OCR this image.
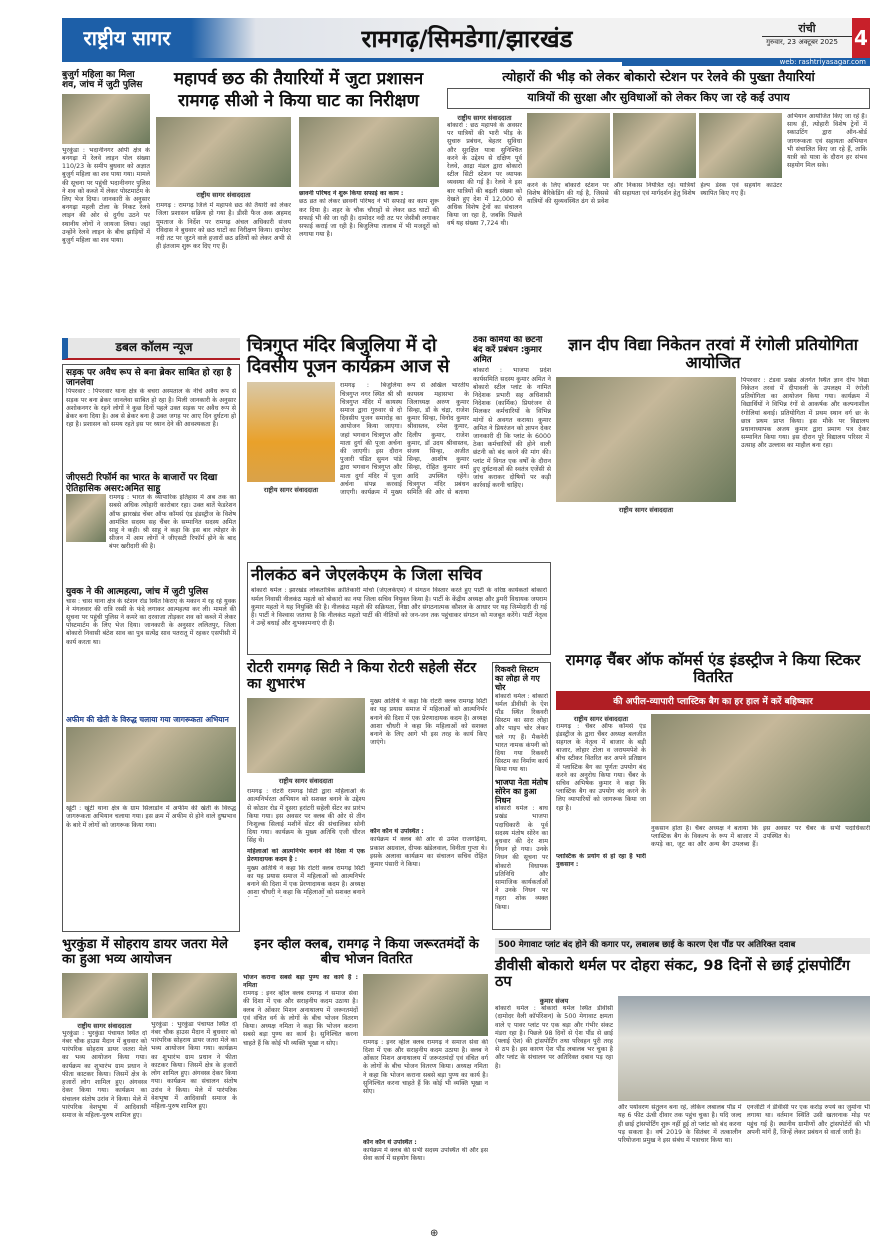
राष्ट्रीय सागर	रामगढ़/सिमडेगा/झारखंड	रांची
गुरुवार, 23 अक्टूबर 2025 4
web: rashtriyasagar.com
बुजुर्ग महिला का मिला शव, जांच में जुटी पुलिस
भुरकुंडा : भदानीनगर ओपी क्षेत्र के बनगढ़ा में रेलवे लाइन पोल संख्या 110/23 के समीप बुधवार को अज्ञात बुजुर्ग महिला का शव पाया गया। मामले की सूचना पर पहुंची भदानीनगर पुलिस ने शव को कब्जे में लेकर पोस्टमार्टम के लिए भेज दिया। जानकारी के अनुसार बनगढ़ा महली टोला के निकट रेलवे लाइन की ओर से दुर्गंध उठने पर स्थानीय लोगों ने जायजा लिया। जहां उन्होंने रेलवे लाइन के बीच झाड़ियों में बुजुर्ग महिला का शव पाया।
महापर्व छठ की तैयारियों में जुटा प्रशासन
रामगढ़ सीओ ने किया घाट का निरीक्षण
राष्ट्रीय सागर संवाददाता
रामगढ़ : रामगढ़ जिले में महापर्व छठ की तैयारी को लेकर जिला प्रशासन सक्रिय हो गया है। डीसी फैज अक अहमद मुमताज के निर्देश पर रामगढ़ अंचल अधिकारी संजय रविदास ने बुधवार को छठ घाटों का निरीक्षण किया। दामोदर नदी तट पर जुटने वाले हजारों छठ व्रतियों को लेकर अभी से ही इंतजाम शुरू कर दिए गए हैं।
छावनी परिषद ने शुरू किया सफाई का काम :
छठ व्रत को लेकर छावनी परिषद ने भी सफाई का काम शुरू कर दिया है। शहर के चौक चौराहों से लेकर छठ घाटों की सफाई भी की जा रही है। दामोदर नदी तट पर जेसीबी लगाकर सफाई कराई जा रही है। बिजुलिया तालाब में भी मजदूरों को लगाया गया है।
त्योहारों की भीड़ को लेकर बोकारो स्टेशन पर रेलवे की पुख्ता तैयारियां
यात्रियों की सुरक्षा और सुविधाओं को लेकर किए जा रहे कई उपाय
राष्ट्रीय सागर संवाददाता
बोकारो : छठ महापर्व के अवसर पर यात्रियों की भारी भीड़ के सुचारु प्रबंधन, बेहतर सुविधा और सुरक्षित यात्रा सुनिश्चित करने के उद्देश्य से दक्षिण पूर्व रेलवे, आद्रा मंडल द्वारा बोकारो स्टील सिटी स्टेशन पर व्यापक व्यवस्था की गई है। रेलवे ने इस बार यात्रियों की बढ़ती संख्या को देखते हुए देश में 12,000 से अधिक विशेष ट्रेनों का संचालन किया जा रहा है, जबकि पिछले वर्ष यह संख्या 7,724 थी।
करने के लिए बोकारो स्टेशन पर विशेष बैरिकेडिंग की गई है, जिससे यात्रियों की सुव्यवस्थित ढंग से प्रवेश और निकास नियंत्रित रहे। यात्रियों की सहायता एवं मार्गदर्शन हेतु विशेष हेल्प डेस्क एवं सहयोग काउंटर स्थापित किए गए हैं।
अभियान आयोजित किए जा रहे हैं। साथ ही, त्योहारी विशेष ट्रेनों में स्काउटिंग द्वारा ऑन-बोर्ड जागरूकता एवं सहायता अभियान भी संचालित किए जा रहे हैं, ताकि यात्री को यात्रा के दौरान हर संभव सहयोग मिल सके।
डबल कॉलम न्यूज
सड़क पर अवैध रूप से बना ब्रेकर साबित हो रहा है जानलेवा
पिपरवार : पिपरवार थाना क्षेत्र के बचरा अस्पताल के नीचे अवैध रूप से सड़क पर बना ब्रेकर जानलेवा साबित हो रहा है। मिली जानकारी के अनुसार अशोकनगर के रहने लोगों ने कुछ दिनों पहले उक्त सड़क पर अवैध रूप से ब्रेकर बना दिया है। अब से ब्रेकर बना है उक्त जगह पर आए दिन दुर्घटना हो रहा है। प्रशासन को समय रहते इस पर ध्यान देने की आवश्यकता है।
जीएसटी रिफॉर्म का भारत के बाजारों पर दिखा ऐतिहासिक असर:अमित साहू
रामगढ़ : भारत के व्यापारिक इतिहास में अब तक का सबसे अधिक त्योहारी कारोबार रहा। उक्त बातें फेडरेशन ऑफ झारखंड चेंबर ऑफ कॉमर्स एंड इंडस्ट्रीज के विशेष आमंत्रित सदस्य सह चैंबर के सम्मानित सदस्य अमित साहू ने कही। श्री साहू ने कहा कि इस बार त्योहार के सीजन में आम लोगों ने जीएसटी रिफॉर्म होने के बाद बंपर खरीदारी की है।
युवक ने की आत्महत्या, जांच में जुटी पुलिस
चास : चास थाना क्षेत्र के स्टेशन रोड स्थित किराए के मकान में रह रहे युवक ने मंगलवार की रात्रि रस्सी के फंदे लगाकर आत्महत्या कर ली। मामले की सूचना पर पहुंची पुलिस ने कमरे का दरवाजा तोड़कर शव को कब्जे में लेकर पोस्टमार्टम के लिए भेज दिया। जानकारी के अनुसार ललितपुर, जिला बोकारो निवासी बंटेश साव का पुत्र सत्येंद्र साव पतरातू में रहकर एसपीसी में कार्य करता था।
अफीम की खेती के विरुद्ध चलाया गया जागरूकता अभियान
खूंटी : खूंटी थाना क्षेत्र के ग्राम सिलाडोन में अफीम की खेती के विरुद्ध जागरूकता अभियान चलाया गया। इस क्रम में अफीम से होने वाले दुष्प्रभाव के बारे में लोगों को जागरूक किया गया।
चित्रगुप्त मंदिर बिजुलिया में दो दिवसीय पूजन कार्यक्रम आज से
राष्ट्रीय सागर संवाददाता
रामगढ़ : बिजुलिया चित्रगुप्त नगर स्थित श्री श्री चित्रगुप्त मंदिर में कायस्थ समाज द्वारा गुरुवार से दो दिवसीय पूजन समारोह का आयोजन किया जाएगा। जहां भगवान चित्रगुप्त और माता दुर्गा की पूजा अर्चना की जाएगी। इस दौरान पुजारी पंडित सुमन पांडे द्वारा भगवान चित्रगुप्त और माता दुर्गा मंदिर में पूजा अर्चना संपन्न करवाई जाएगी। कार्यक्रम में मुख्य रूप से अखिल भारतीय कायस्थ महासभा के जिलाध्यक्ष अरुण कुमार सिन्हा, डॉ के चंद्रा, राजेश कुमार सिन्हा, विनोद कुमार श्रीवास्तव, रमेश कुमार, दिलीप कुमार, राजेश कुमार, डॉ उदय श्रीवास्तव, संजय सिन्हा, अजीत सिन्हा, आशीष कुमार सिन्हा, रोहित कुमार वर्मा आदि उपस्थित रहेंगे। चित्रगुप्त मंदिर प्रबंधन समिति की ओर से बताया
ठेका कर्मियों की छंटनी बंद करें प्रबंधन :कुमार अमित
बोकारो : भाजपा प्रदेश कार्यसमिति सदस्य कुमार अमित ने बोकारो स्टील प्लांट के नामित निदेशक प्रभारी सह अधिशासी निदेशक (कार्मिक) प्रियरंजन से मिलकर कर्मचारियों के विभिन्न मांगों से अवगत कराया। कुमार अमित ने प्रियरंजन को ज्ञापन देकर जानकारी दी कि प्लांट के 6000 ठेका कर्मचारियों की होने वाली छंटनी को बंद करने की मांग की। प्लांट में विगत एक वर्षों के दौरान हुए दुर्घटनाओं की स्वतंत्र एजेंसी से जांच कराकर दोषियों पर कड़ी कार्रवाई करनी चाहिए।
ज्ञान दीप विद्या निकेतन तरवां में रंगोली प्रतियोगिता आयोजित
राष्ट्रीय सागर संवाददाता
पिपरवार : टंडवा प्रखंड अंतर्गत स्थित ज्ञान दीप विद्या निकेतन तरवां में दीपावली के उपलक्ष्य में रंगोली प्रतियोगिता का आयोजन किया गया। कार्यक्रम में विद्यार्थियों ने विभिन्न रंगों से आकर्षक और कल्पनाशील रंगोलियां बनाई। प्रतियोगिता में प्रथम स्थान वर्ग छः के छात्र प्रथम प्राप्त किया। इस मौके पर विद्यालय प्रधानाध्यापक अजय कुमार द्वारा प्रमाण पत्र देकर सम्मानित किया गया। इस दौरान पूरे विद्यालय परिसर में उत्साह और उल्लास का माहौल बना रहा।
नीलकंठ बने जेएलकेएम के जिला सचिव
बोकारो थर्मल : झारखंड लोकतांत्रिक क्रांतिकारी मोर्चा (जेएलकेएम) ने संगठन विस्तार करते हुए पार्टी के वरिष्ठ कार्यकर्ता बोकारो थर्मल निवासी नीलकंठ महतो को बोकारो का नया जिला सचिव नियुक्त किया है। पार्टी के केंद्रीय अध्यक्ष और डुमरी विधायक जयराम कुमार महतो ने यह नियुक्ति की है। नीलकंठ महतो की सक्रियता, निष्ठा और संगठनात्मक कौशल के आधार पर यह जिम्मेदारी दी गई है। पार्टी ने विश्वास जताया है कि नीलकंठ महतो पार्टी की नीतियों को जन-जन तक पहुंचाकर संगठन को मजबूत करेंगे। पार्टी नेतृत्व ने उन्हें बधाई और शुभकामनाएं दी हैं।
रोटरी रामगढ़ सिटी ने किया रोटरी सहेली सेंटर का शुभारंभ
राष्ट्रीय सागर संवाददाता
रामगढ़ : रोटरी रामगढ़ सिटी द्वारा महिलाओं के आत्मनिर्भरता अभियान को सशक्त बनाने के उद्देश्य से कोठार रोड में दूसरा हरांटरी सहेली सेंटर का प्रारंभ किया गया। इस अवसर पर क्लब की ओर से तीन निःशुल्क सिलाई मशीनें सेंटर की संचालिका सोनी दिया गया। कार्यक्रम के मुख्य अतिथि एजी धीरज सिंह थे।
महिलाओं को आत्मनिर्भर बनाने की दिशा में एक प्रेरणादायक कदम है :
मुख्य अतिथि ने कहा कि रोटरी क्लब रामगढ़ सिटी का यह प्रयास समाज में महिलाओं को आत्मनिर्भर बनाने की दिशा में एक प्रेरणादायक कदम है। अध्यक्ष आशा चौधरी ने कहा कि महिलाओं को सशक्त बनाने
मुख्य अतिथि ने कहा कि रोटरी क्लब रामगढ़ सिटी का यह प्रयास समाज में महिलाओं को आत्मनिर्भर बनाने की दिशा में एक प्रेरणादायक कदम है। अध्यक्ष आशा चौधरी ने कहा कि महिलाओं को सशक्त बनाने के लिए आगे भी इस तरह के कार्य किए जाएंगे।
कौन कौन थे उपस्थित :
कार्यक्रम में क्लब की ओर से उमेश राजगढ़िया, प्रकाश अग्रवाल, दीपक खंडेलवाल, विनीता गुप्ता थे। इसके अलावा कार्यक्रम का संचालन सचिव रोहित कुमार पंसारी ने किया।
रिकवरी सिस्टम का लोहा ले गए चोर
बोकारो थर्मल : बोकारो थर्मल डीवीसी के ऐश पौंड स्थित रिकवरी सिस्टम का सारा लोहा और पाइप चोर लेकर चले गए हैं। मैकनेरी भारत नामक कंपनी को दिया गया रिकवरी सिस्टम का निर्माण कार्य किया गया था।
भाजपा नेता मंतोष सोरेन का हुआ निधन
बोकारो थर्मल : बाघ प्रखंड भाजपा पदाधिकारी के पूर्व सदस्य मंतोष सोरेन का बुधवार की देर शाम निधन हो गया। उनके निधन की सूचना पर बोकारो विधायक प्रतिनिधि और सामाजिक कार्यकर्ताओं ने उनके निधन पर गहरा शोक व्यक्त किया।
रामगढ़ चैंबर ऑफ कॉमर्स एंड इंडस्ट्रीज ने किया स्टिकर वितरित
की अपील-व्यापारी प्लास्टिक बैग का हर हाल में करें बहिष्कार
राष्ट्रीय सागर संवाददाता
रामगढ़ : चैंबर ऑफ कॉमर्स एंड इंडस्ट्रीज के द्वारा चैंबर अध्यक्ष बलजीत सहगल के नेतृत्व में बाजार के बड़ी बाजार, लोहार टोला व जरायमपेशे के बीच स्टीकर वितरित कर अपने प्रतिष्ठान में प्लास्टिक बैग का पूर्णतः उपयोग बंद करने का अनुरोध किया गया। चैंबर के सचिव अभिषेक कुमार ने कहा कि प्लास्टिक बैग का उपयोग बंद करने के लिए व्यापारियों को जागरूक किया जा रहा है।
प्लास्टिक के प्रयोग से हो रहा है भारी नुकसान :
नुकसान होता है। चैंबर अध्यक्ष ने बताया कि प्लास्टिक बैग के विकल्प के रूप में बाजार में कपड़े का, जूट का और अन्य बैग उपलब्ध हैं। इस अवसर पर चैंबर के सभी पदाधिकारी उपस्थित थे।
भुरकुंडा में सोहराय डायर जतरा मेले का हुआ भव्य आयोजन
राष्ट्रीय सागर संवाददाता
भुरकुंडा : भुरकुंडा पंचायत स्थित दो नंबर चौक हाउस मैदान में बुधवार को पारंपरिक सोहराय डायर जतरा मेले का भव्य आयोजन किया गया। कार्यक्रम का शुभारंभ ग्राम प्रधान ने फीता काटकर किया। जिसमें क्षेत्र के हजारों लोग शामिल हुए। अंगवस्त्र देकर किया गया। कार्यक्रम का संचालन संतोष उरांव ने किया। मेले में पारंपरिक वेशभूषा में आदिवासी समाज के महिला-पुरुष शामिल हुए।
भुरकुंडा : भुरकुंडा पंचायत स्थित दो नंबर चौक हाउस मैदान में बुधवार को पारंपरिक सोहराय डायर जतरा मेले का भव्य आयोजन किया गया। कार्यक्रम का शुभारंभ ग्राम प्रधान ने फीता काटकर किया। जिसमें क्षेत्र के हजारों लोग शामिल हुए। अंगवस्त्र देकर किया गया। कार्यक्रम का संचालन संतोष उरांव ने किया। मेले में पारंपरिक वेशभूषा में आदिवासी समाज के महिला-पुरुष शामिल हुए।
इनर व्हील क्लब, रामगढ़ ने किया जरूरतमंदों के बीच भोजन वितरित
भोजन कराना सबसे बड़ा पुण्य का कार्य है : नमिता
रामगढ़ : इनर व्हील क्लब रामगढ़ ने समाज सेवा की दिशा में एक और सराहनीय कदम उठाया है। क्लब ने ओंकार मिशन अनाथालय में जरूरतमंदों एवं वंचित वर्ग के लोगों के बीच भोजन वितरण किया। अध्यक्ष नमिता ने कहा कि भोजन कराना सबसे बड़ा पुण्य का कार्य है। सुनिश्चित करना चाहते हैं कि कोई भी व्यक्ति भूखा न सोए।	रामगढ़ : इनर व्हील क्लब रामगढ़ ने समाज सेवा की दिशा में एक और सराहनीय कदम उठाया है। क्लब ने ओंकार मिशन अनाथालय में जरूरतमंदों एवं वंचित वर्ग के लोगों के बीच भोजन वितरण किया। अध्यक्ष नमिता ने कहा कि भोजन कराना सबसे बड़ा पुण्य का कार्य है। सुनिश्चित करना चाहते हैं कि कोई भी व्यक्ति भूखा न सोए।
कौन कौन थे उपस्थित :
कार्यक्रम में क्लब की सभी सदस्य उपस्थित थीं और इस सेवा कार्य में सहयोग किया।
500 मेगावाट प्लांट बंद होने की कगार पर, लबालब छाई के कारण ऐश पौंड पर अतिरिक्त दवाब
डीवीसी बोकारो थर्मल पर दोहरा संकट, 98 दिनों से छाई ट्रांसपोर्टिंग ठप
कुमार संजय
बोकारो थर्मल : बोकारो थर्मल स्थित डीवीसी (दामोदर वैली कॉर्पोरेशन) के 500 मेगावाट क्षमता वाले ए पावर प्लांट पर एक बड़ा और गंभीर संकट मंडरा रहा है। पिछले 98 दिनों से ऐश पौंड से छाई (फ्लाई ऐश) की ट्रांसपोर्टिंग तथा परिवहन पूरी तरह से ठप है। इस कारण ऐश पौंड लबालब भर चुका है और प्लांट के संचालन पर अतिरिक्त दबाव पड़ रहा है।
और पर्यावरण संतुलन बना रहे, लेकिन लबालब पौंड में यह 6 फीट ऊंची दीवार तक पहुंच चुका है। यदि जल्द ही छाई ट्रांसपोर्टिंग शुरू नहीं हुई तो प्लांट को बंद करना पड़ सकता है। वर्ष 2019 के सितंबर में तत्कालीन परियोजना प्रमुख ने इस संबंध में पत्राचार किया था।
एनजीटी ने डीवीसी पर एक करोड़ रुपये का जुर्माना भी लगाया था। वर्तमान स्थिति उसी खतरनाक मोड़ पर पहुंच गई है। स्थानीय ग्रामीणों और ट्रांसपोर्टरों की भी अपनी मांगें हैं, जिन्हें लेकर प्रबंधन से वार्ता जारी है।
⊕
